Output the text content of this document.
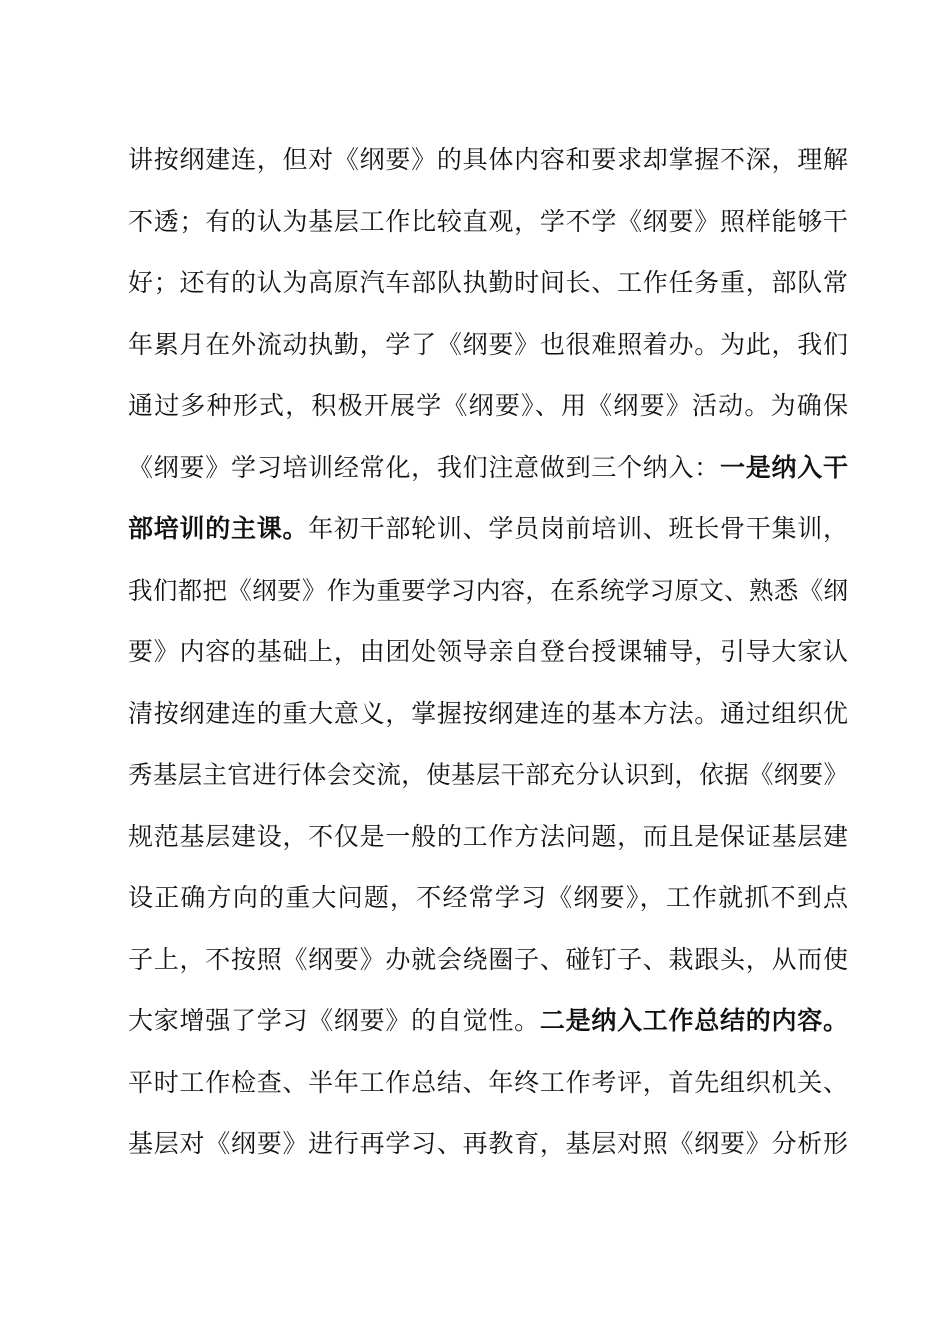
讲按纲建连，但对《纲要》的具体内容和要求却掌握不深，理解
不透；有的认为基层工作比较直观，学不学《纲要》照样能够干
好；还有的认为高原汽车部队执勤时间长、工作任务重，部队常
年累月在外流动执勤，学了《纲要》也很难照着办。为此，我们
通过多种形式，积极开展学《纲要》、用《纲要》活动。为确保
《纲要》学习培训经常化，我们注意做到三个纳入：一是纳入干
部培训的主课。年初干部轮训、学员岗前培训、班长骨干集训，
我们都把《纲要》作为重要学习内容，在系统学习原文、熟悉《纲
要》内容的基础上，由团处领导亲自登台授课辅导，引导大家认
清按纲建连的重大意义，掌握按纲建连的基本方法。通过组织优
秀基层主官进行体会交流，使基层干部充分认识到，依据《纲要》
规范基层建设，不仅是一般的工作方法问题，而且是保证基层建
设正确方向的重大问题，不经常学习《纲要》，工作就抓不到点
子上，不按照《纲要》办就会绕圈子、碰钉子、栽跟头，从而使
大家增强了学习《纲要》的自觉性。二是纳入工作总结的内容。
平时工作检查、半年工作总结、年终工作考评，首先组织机关、
基层对《纲要》进行再学习、再教育，基层对照《纲要》分析形
